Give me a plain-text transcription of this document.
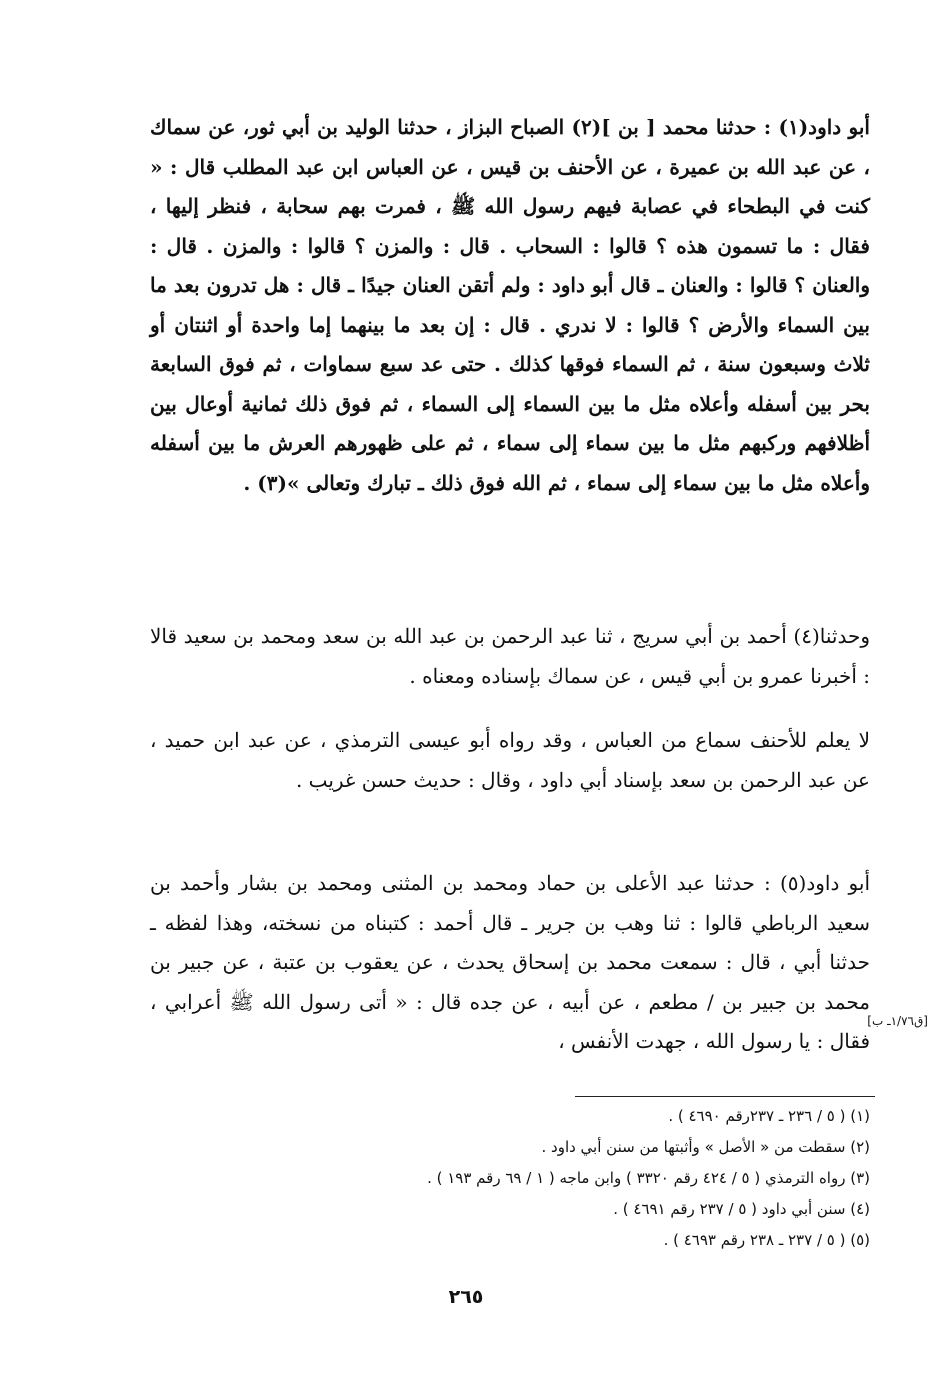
أبو داود(١) : حدثنا محمد [ بن ](٢) الصباح البزاز ، حدثنا الوليد بن أبي ثور، عن سماك ، عن عبد الله بن عميرة ، عن الأحنف بن قيس ، عن العباس ابن عبد المطلب قال : « كنت في البطحاء في عصابة فيهم رسول الله ﷺ ، فمرت بهم سحابة ، فنظر إليها ، فقال : ما تسمون هذه ؟ قالوا : السحاب . قال : والمزن ؟ قالوا : والمزن . قال : والعنان ؟ قالوا : والعنان ـ قال أبو داود : ولم أتقن العنان جيدًا ـ قال : هل تدرون بعد ما بين السماء والأرض ؟ قالوا : لا ندري . قال : إن بعد ما بينهما إما واحدة أو اثنتان أو ثلاث وسبعون سنة ، ثم السماء فوقها كذلك . حتى عد سبع سماوات ، ثم فوق السابعة بحر بين أسفله وأعلاه مثل ما بين السماء إلى السماء ، ثم فوق ذلك ثمانية أوعال بين أظلافهم وركبهم مثل ما بين سماء إلى سماء ، ثم على ظهورهم العرش ما بين أسفله وأعلاه مثل ما بين سماء إلى سماء ، ثم الله فوق ذلك ـ تبارك وتعالى »(٣) .

وحدثنا(٤) أحمد بن أبي سريج ، ثنا عبد الرحمن بن عبد الله بن سعد ومحمد بن سعيد قالا : أخبرنا عمرو بن أبي قيس ، عن سماك بإسناده ومعناه .

لا يعلم للأحنف سماع من العباس ، وقد رواه أبو عيسى الترمذي ، عن عبد ابن حميد ، عن عبد الرحمن بن سعد بإسناد أبي داود ، وقال : حديث حسن غريب .

أبو داود(٥) : حدثنا عبد الأعلى بن حماد ومحمد بن المثنى ومحمد بن بشار وأحمد بن سعيد الرباطي قالوا : ثنا وهب بن جرير ـ قال أحمد : كتبناه من نسخته، وهذا لفظه ـ حدثنا أبي ، قال : سمعت محمد بن إسحاق يحدث ، عن يعقوب بن عتبة ، عن جبير بن محمد بن جبير بن / مطعم ، عن أبيه ، عن جده قال : « أتى رسول الله ﷺ أعرابي ، فقال : يا رسول الله ، جهدت الأنفس ،

[ق١/٧٦ـ ب]
(١) ( ٥ / ٢٣٦ ـ ٢٣٧رقم ٤٦٩٠ ) .
(٢) سقطت من « الأصل » وأثبتها من سنن أبي داود .
(٣) رواه الترمذي ( ٥ / ٤٢٤ رقم ٣٣٢٠ ) وابن ماجه ( ١ / ٦٩ رقم ١٩٣ ) .
(٤) سنن أبي داود ( ٥ / ٢٣٧ رقم ٤٦٩١ ) .
(٥) ( ٥ / ٢٣٧ ـ ٢٣٨ رقم ٤٦٩٣ ) .
٢٦٥
